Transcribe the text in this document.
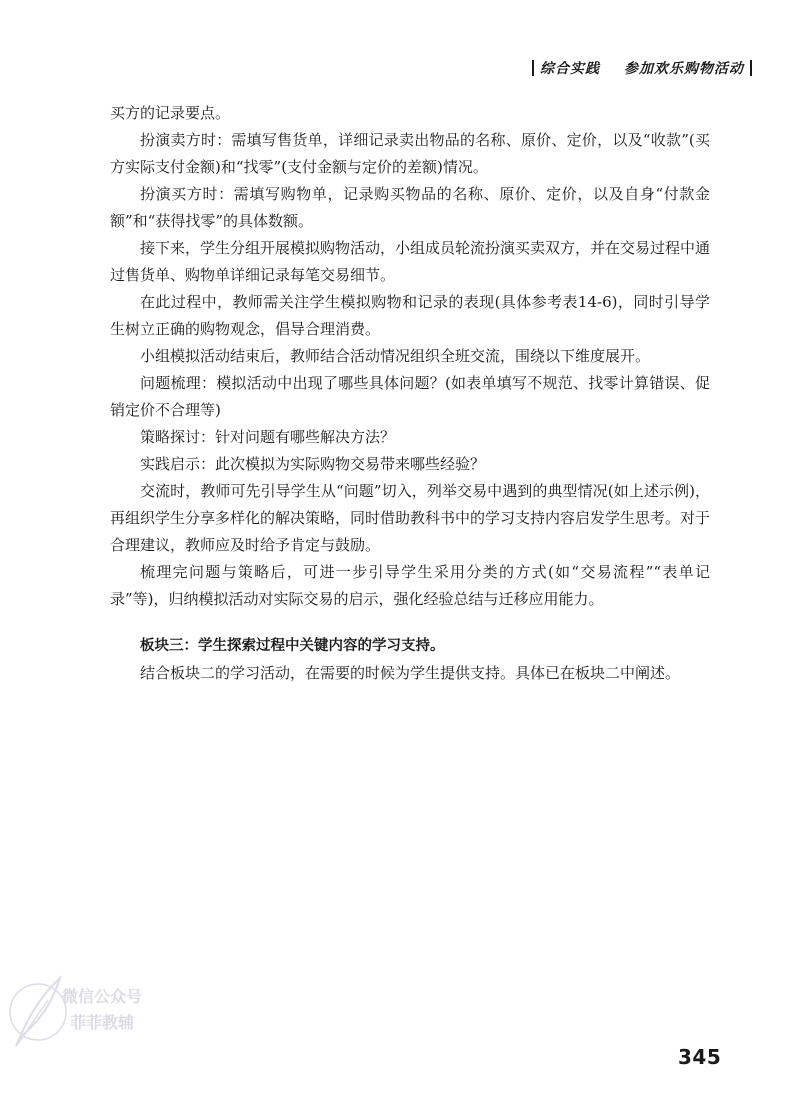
综合实践 参加欢乐购物活动

买方的记录要点。

扮演卖方时：需填写售货单，详细记录卖出物品的名称、原价、定价，以及“收款”(买方实际支付金额)和“找零”(支付金额与定价的差额)情况。

扮演买方时：需填写购物单，记录购买物品的名称、原价、定价，以及自身“付款金额”和“获得找零”的具体数额。

接下来，学生分组开展模拟购物活动，小组成员轮流扮演买卖双方，并在交易过程中通过售货单、购物单详细记录每笔交易细节。

在此过程中，教师需关注学生模拟购物和记录的表现(具体参考表14-6)，同时引导学生树立正确的购物观念，倡导合理消费。

小组模拟活动结束后，教师结合活动情况组织全班交流，围绕以下维度展开。

问题梳理：模拟活动中出现了哪些具体问题？(如表单填写不规范、找零计算错误、促销定价不合理等)

策略探讨：针对问题有哪些解决方法？

实践启示：此次模拟为实际购物交易带来哪些经验？

交流时，教师可先引导学生从“问题”切入，列举交易中遇到的典型情况(如上述示例)，再组织学生分享多样化的解决策略，同时借助教科书中的学习支持内容启发学生思考。对于合理建议，教师应及时给予肯定与鼓励。

梳理完问题与策略后，可进一步引导学生采用分类的方式(如“交易流程”“表单记录”等)，归纳模拟活动对实际交易的启示，强化经验总结与迁移应用能力。

板块三：学生探索过程中关键内容的学习支持。

结合板块二的学习活动，在需要的时候为学生提供支持。具体已在板块二中阐述。

微信公众号
菲菲教辅
345
